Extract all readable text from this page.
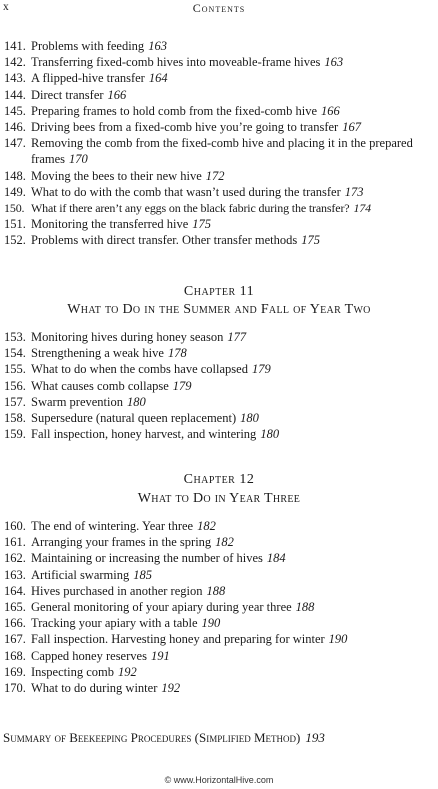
x	Contents
141. Problems with feeding 163
142. Transferring fixed-comb hives into moveable-frame hives 163
143. A flipped-hive transfer 164
144. Direct transfer 166
145. Preparing frames to hold comb from the fixed-comb hive 166
146. Driving bees from a fixed-comb hive you’re going to transfer 167
147. Removing the comb from the fixed-comb hive and placing it in the prepared frames 170
148. Moving the bees to their new hive 172
149. What to do with the comb that wasn’t used during the transfer 173
150. What if there aren’t any eggs on the black fabric during the transfer? 174
151. Monitoring the transferred hive 175
152. Problems with direct transfer. Other transfer methods 175
Chapter 11
What to Do in the Summer and Fall of Year Two
153. Monitoring hives during honey season 177
154. Strengthening a weak hive 178
155. What to do when the combs have collapsed 179
156. What causes comb collapse 179
157. Swarm prevention 180
158. Supersedure (natural queen replacement) 180
159. Fall inspection, honey harvest, and wintering 180
Chapter 12
What to Do in Year Three
160. The end of wintering. Year three 182
161. Arranging your frames in the spring 182
162. Maintaining or increasing the number of hives 184
163. Artificial swarming 185
164. Hives purchased in another region 188
165. General monitoring of your apiary during year three 188
166. Tracking your apiary with a table 190
167. Fall inspection. Harvesting honey and preparing for winter 190
168. Capped honey reserves 191
169. Inspecting comb 192
170. What to do during winter 192
Summary of Beekeeping Procedures (Simplified Method) 193
© www.HorizontalHive.com
